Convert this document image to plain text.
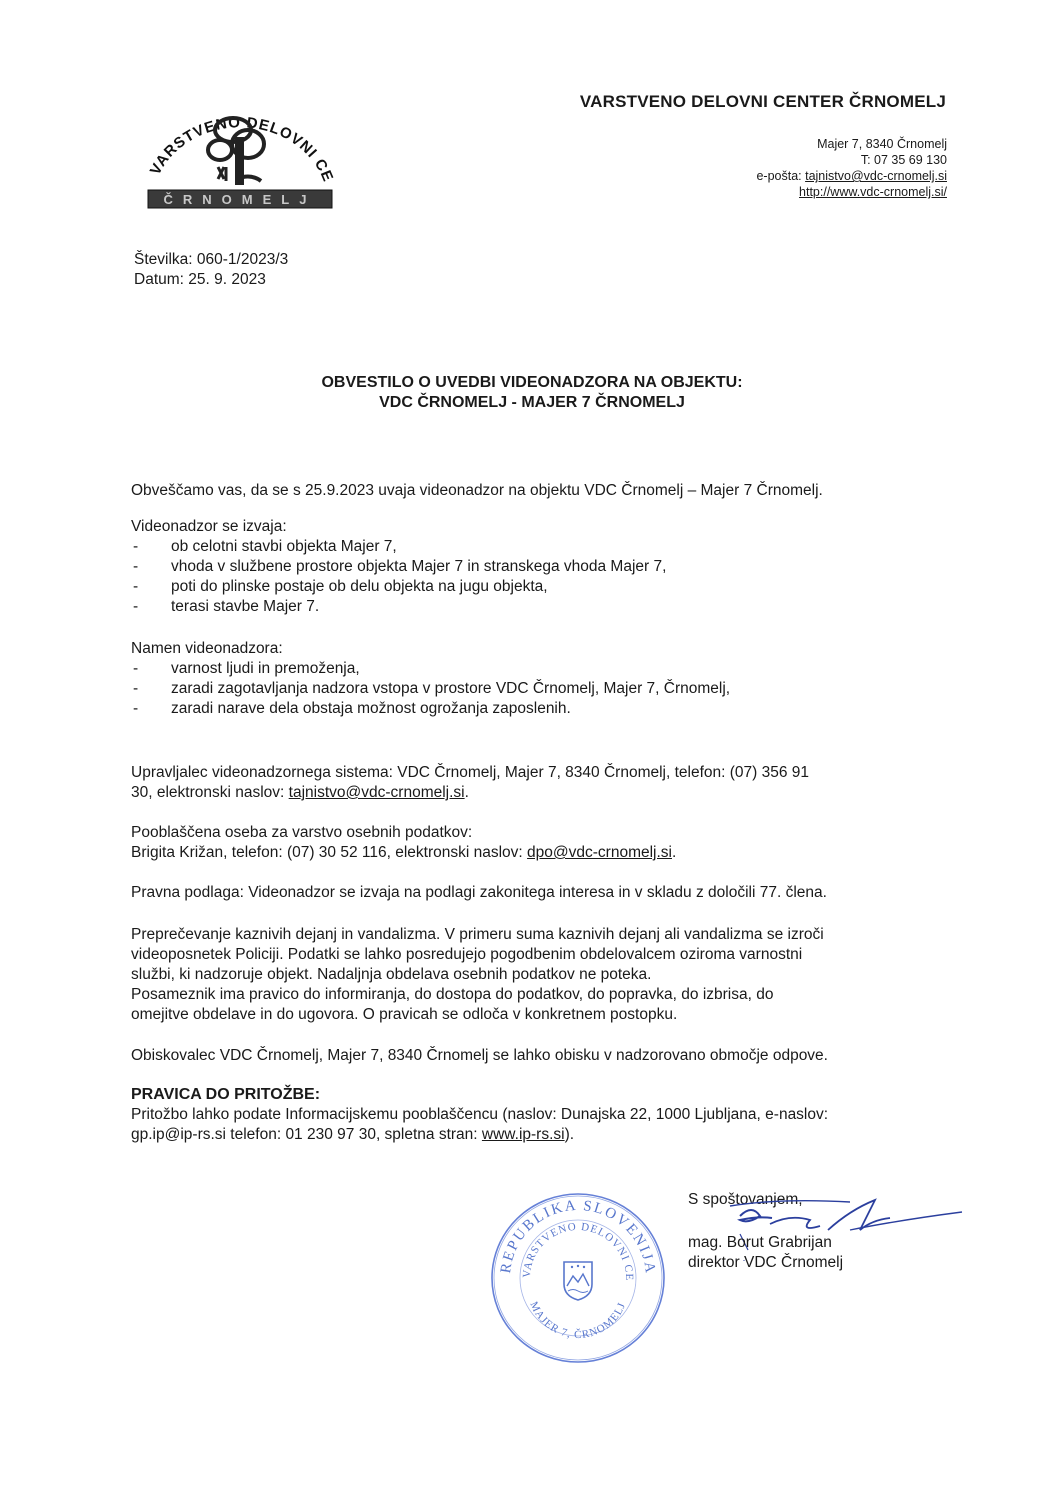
VARSTVENO DELOVNI CE
ČRNOMELJ
VARSTVENO DELOVNI CENTER ČRNOMELJ
Majer 7, 8340 Črnomelj
T: 07 35 69 130
e-pošta: tajnistvo@vdc-crnomelj.si
http://www.vdc-crnomelj.si/
Številka: 060-1/2023/3
Datum: 25. 9. 2023
OBVESTILO O UVEDBI VIDEONADZORA NA OBJEKTU:
VDC ČRNOMELJ - MAJER 7 ČRNOMELJ
Obveščamo vas, da se s 25.9.2023 uvaja videonadzor na objektu VDC Črnomelj – Majer 7 Črnomelj.

Videonadzor se izvaja:

-	ob celotni stavbi objekta Majer 7,
-	vhoda v službene prostore objekta Majer 7 in stranskega vhoda Majer 7,
-	poti do plinske postaje ob delu objekta na jugu objekta,
-	terasi stavbe Majer 7.

Namen videonadzora:

-	varnost ljudi in premoženja,
-	zaradi zagotavljanja nadzora vstopa v prostore VDC Črnomelj, Majer 7, Črnomelj,
-	zaradi narave dela obstaja možnost ogrožanja zaposlenih.

Upravljalec videonadzornega sistema: VDC Črnomelj, Majer 7, 8340 Črnomelj, telefon: (07) 356 91

30, elektronski naslov: tajnistvo@vdc-crnomelj.si.

Pooblaščena oseba za varstvo osebnih podatkov:

Brigita Križan, telefon: (07) 30 52 116, elektronski naslov: dpo@vdc-crnomelj.si.

Pravna podlaga: Videonadzor se izvaja na podlagi zakonitega interesa in v skladu z določili 77. člena.

Preprečevanje kaznivih dejanj in vandalizma. V primeru suma kaznivih dejanj ali vandalizma se izroči

videoposnetek Policiji. Podatki se lahko posredujejo pogodbenim obdelovalcem oziroma varnostni

službi, ki nadzoruje objekt. Nadaljnja obdelava osebnih podatkov ne poteka.

Posameznik ima pravico do informiranja, do dostopa do podatkov, do popravka, do izbrisa, do

omejitve obdelave in do ugovora. O pravicah se odloča v konkretnem postopku.

Obiskovalec VDC Črnomelj, Majer 7, 8340 Črnomelj se lahko obisku v nadzorovano območje odpove.

PRAVICA DO PRITOŽBE:

Pritožbo lahko podate Informacijskemu pooblaščencu (naslov: Dunajska 22, 1000 Ljubljana, e-naslov:

gp.ip@ip-rs.si telefon: 01 230 97 30, spletna stran: www.ip-rs.si).

REPUBLIKA SLOVENIJA
VARSTVENO DELOVNI CE
MAJER 7, ČRNOMELJ
S spoštovanjem,
mag. Borut Grabrijan
direktor VDC Črnomelj
